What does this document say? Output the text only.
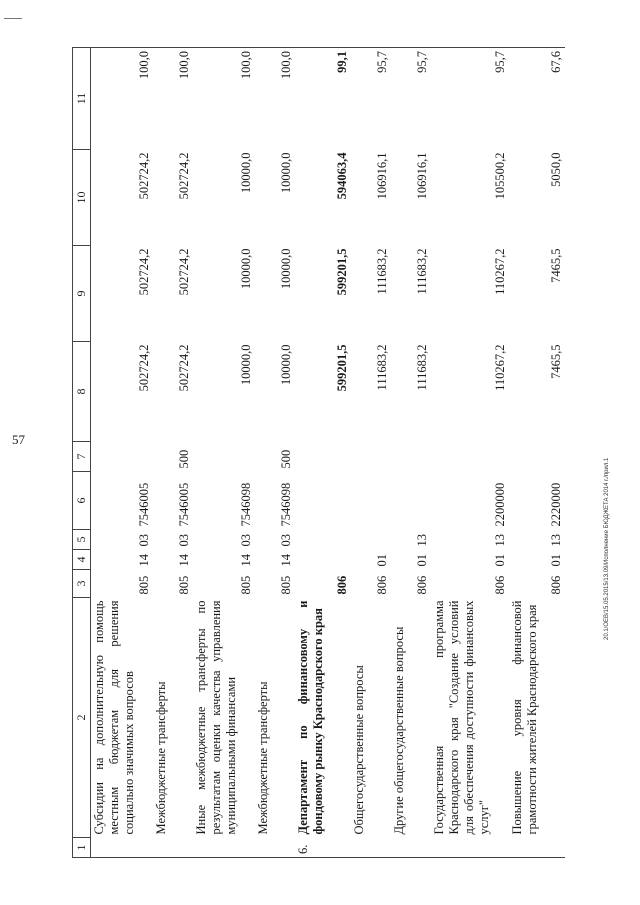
57
1	2	3	4	5	6	7	8	9	10	11
	Субсидии на дополнительную помощь местным бюджетам для решения социально значимых вопросов	805	14	03	7546005		502724,2	502724,2	502724,2	100,0
	Межбюджетные трансферты	805	14	03	7546005	500	502724,2	502724,2	502724,2	100,0
	Иные межбюджетные трансферты по результатам оценки качества управления муниципальными финансами	805	14	03	7546098		10000,0	10000,0	10000,0	100,0
	Межбюджетные трансферты	805	14	03	7546098	500	10000,0	10000,0	10000,0	100,0
6.	Департамент по финансовому и фондовому рынку Краснодарского края	806					599201,5	599201,5	594063,4	99,1
	Общегосударственные вопросы	806	01				111683,2	111683,2	106916,1	95,7
	Другие общегосударственные вопросы	806	01	13			111683,2	111683,2	106916,1	95,7
	Государственная программа Краснодарского края "Создание условий для обеспечения доступности финансовых услуг"	806	01	13	2200000		110267,2	110267,2	105500,2	95,7
	Повышение уровня финансовой грамотности жителей Краснодарского края	806	01	13	2220000		7465,5	7465,5	5050,0	67,6
20.1/ОЕВ/15.05.2015/13.09/Исполнение БЮДЖЕТА 2014 г./прил.1
